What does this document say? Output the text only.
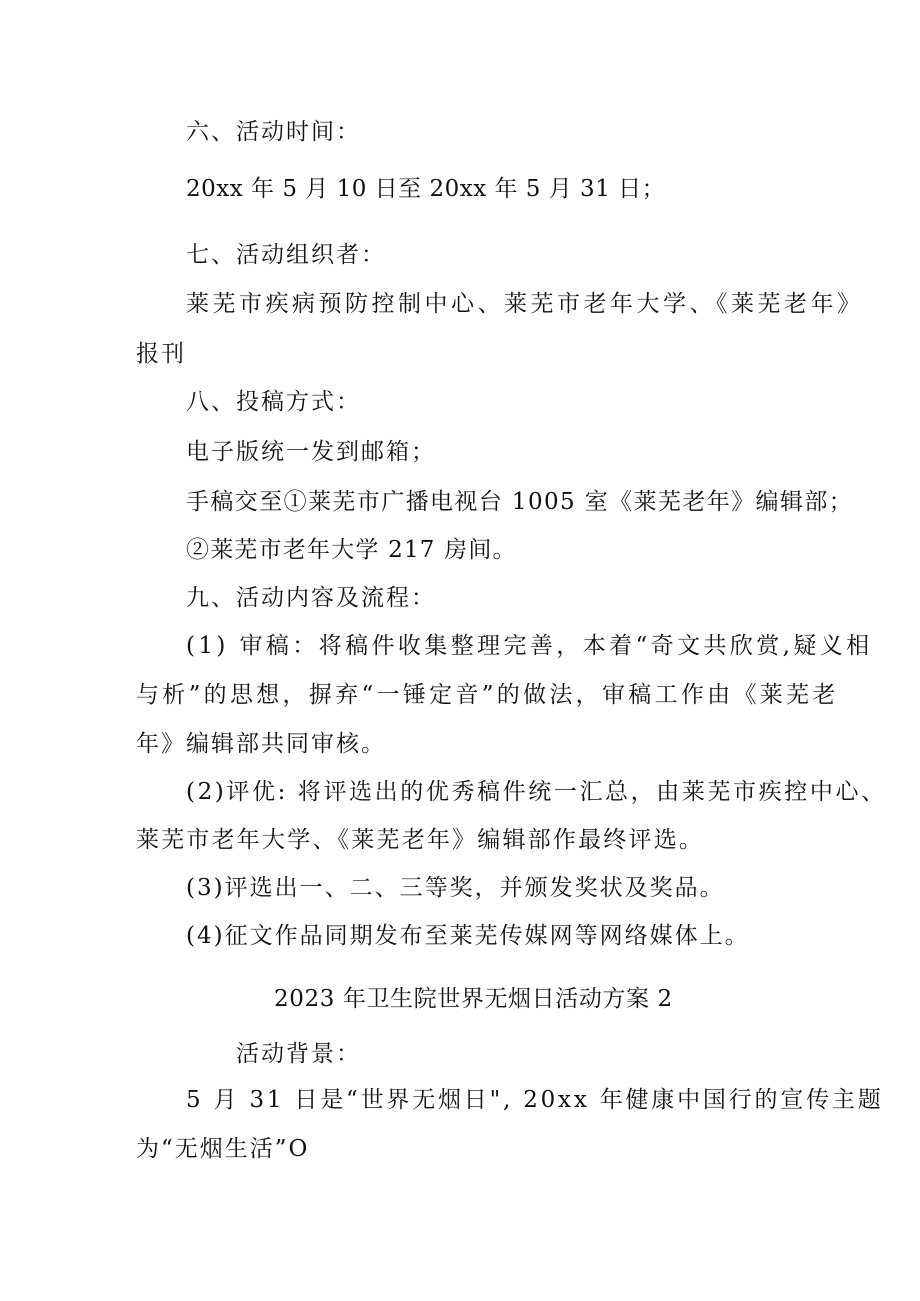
六、活动时间：
20xx 年 5 月 10 日至 20xx 年 5 月 31 日；
七、活动组织者：
莱芜市疾病预防控制中心、莱芜市老年大学、《莱芜老年》
报刊
八、投稿方式：
电子版统一发到邮箱；
手稿交至①莱芜市广播电视台 1005 室《莱芜老年》编辑部；
②莱芜市老年大学 217 房间。
九、活动内容及流程：
(1) 审稿：将稿件收集整理完善，本着“奇文共欣赏,疑义相
与析”的思想，摒弃“一锤定音”的做法，审稿工作由《莱芜老
年》编辑部共同审核。
(2)评优: 将评选出的优秀稿件统一汇总，由莱芜市疾控中心、
莱芜市老年大学、《莱芜老年》编辑部作最终评选。
(3)评选出一、二、三等奖，并颁发奖状及奖品。
(4)征文作品同期发布至莱芜传媒网等网络媒体上。
2023 年卫生院世界无烟日活动方案 2
活动背景：
5 月 31 日是“世界无烟日", 20xx 年健康中国行的宣传主题
为“无烟生活”O
